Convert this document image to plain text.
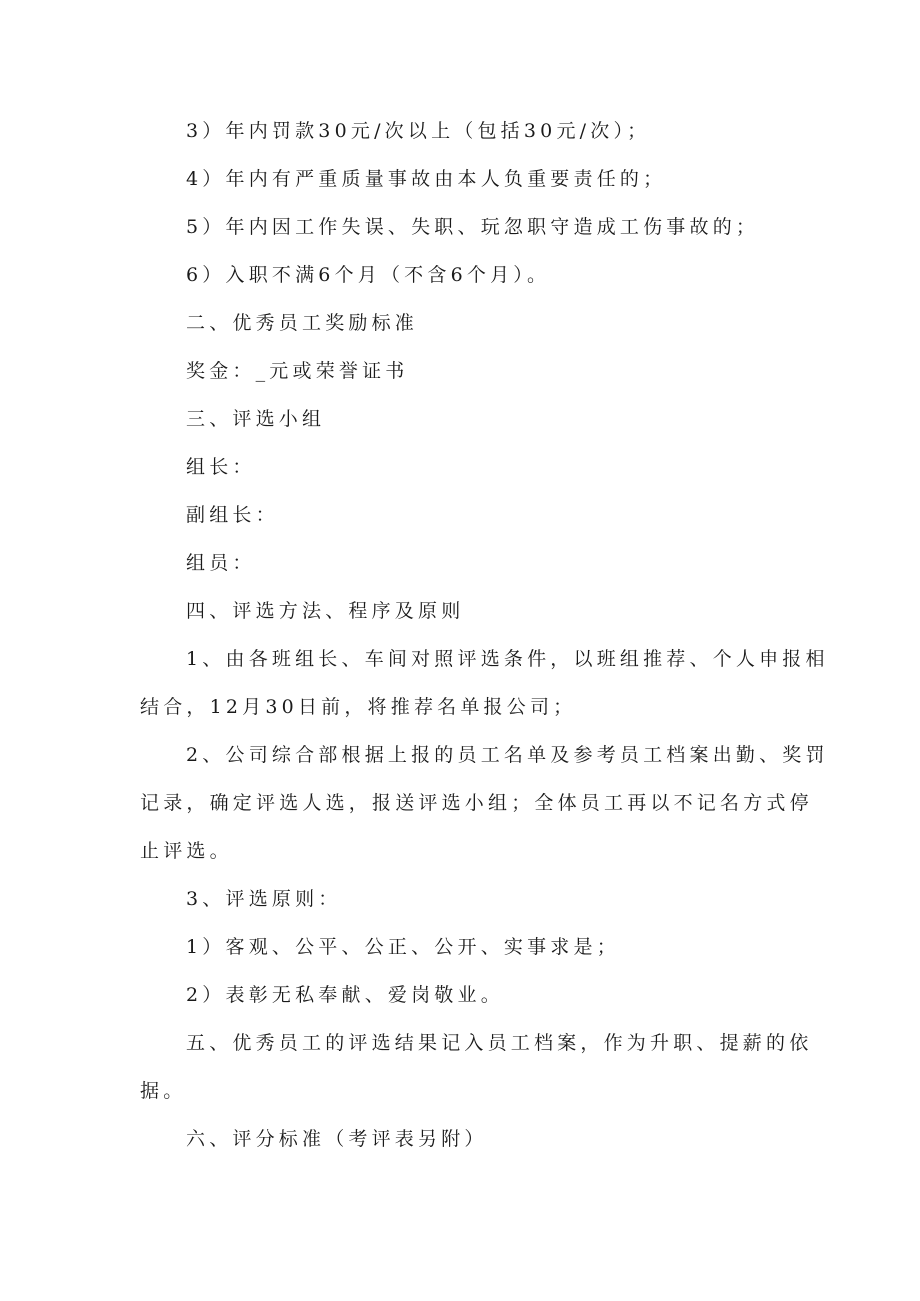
3）年内罚款30元/次以上（包括30元/次）；
4）年内有严重质量事故由本人负重要责任的；
5）年内因工作失误、失职、玩忽职守造成工伤事故的；
6）入职不满6个月（不含6个月）。
二、优秀员工奖励标准
奖金：_元或荣誉证书
三、评选小组
组长：
副组长：
组员：
四、评选方法、程序及原则
1、由各班组长、车间对照评选条件，以班组推荐、个人申报相
结合，12月30日前，将推荐名单报公司；
2、公司综合部根据上报的员工名单及参考员工档案出勤、奖罚
记录，确定评选人选，报送评选小组；全体员工再以不记名方式停
止评选。
3、评选原则：
1）客观、公平、公正、公开、实事求是；
2）表彰无私奉献、爱岗敬业。
五、优秀员工的评选结果记入员工档案，作为升职、提薪的依
据。
六、评分标准（考评表另附）
